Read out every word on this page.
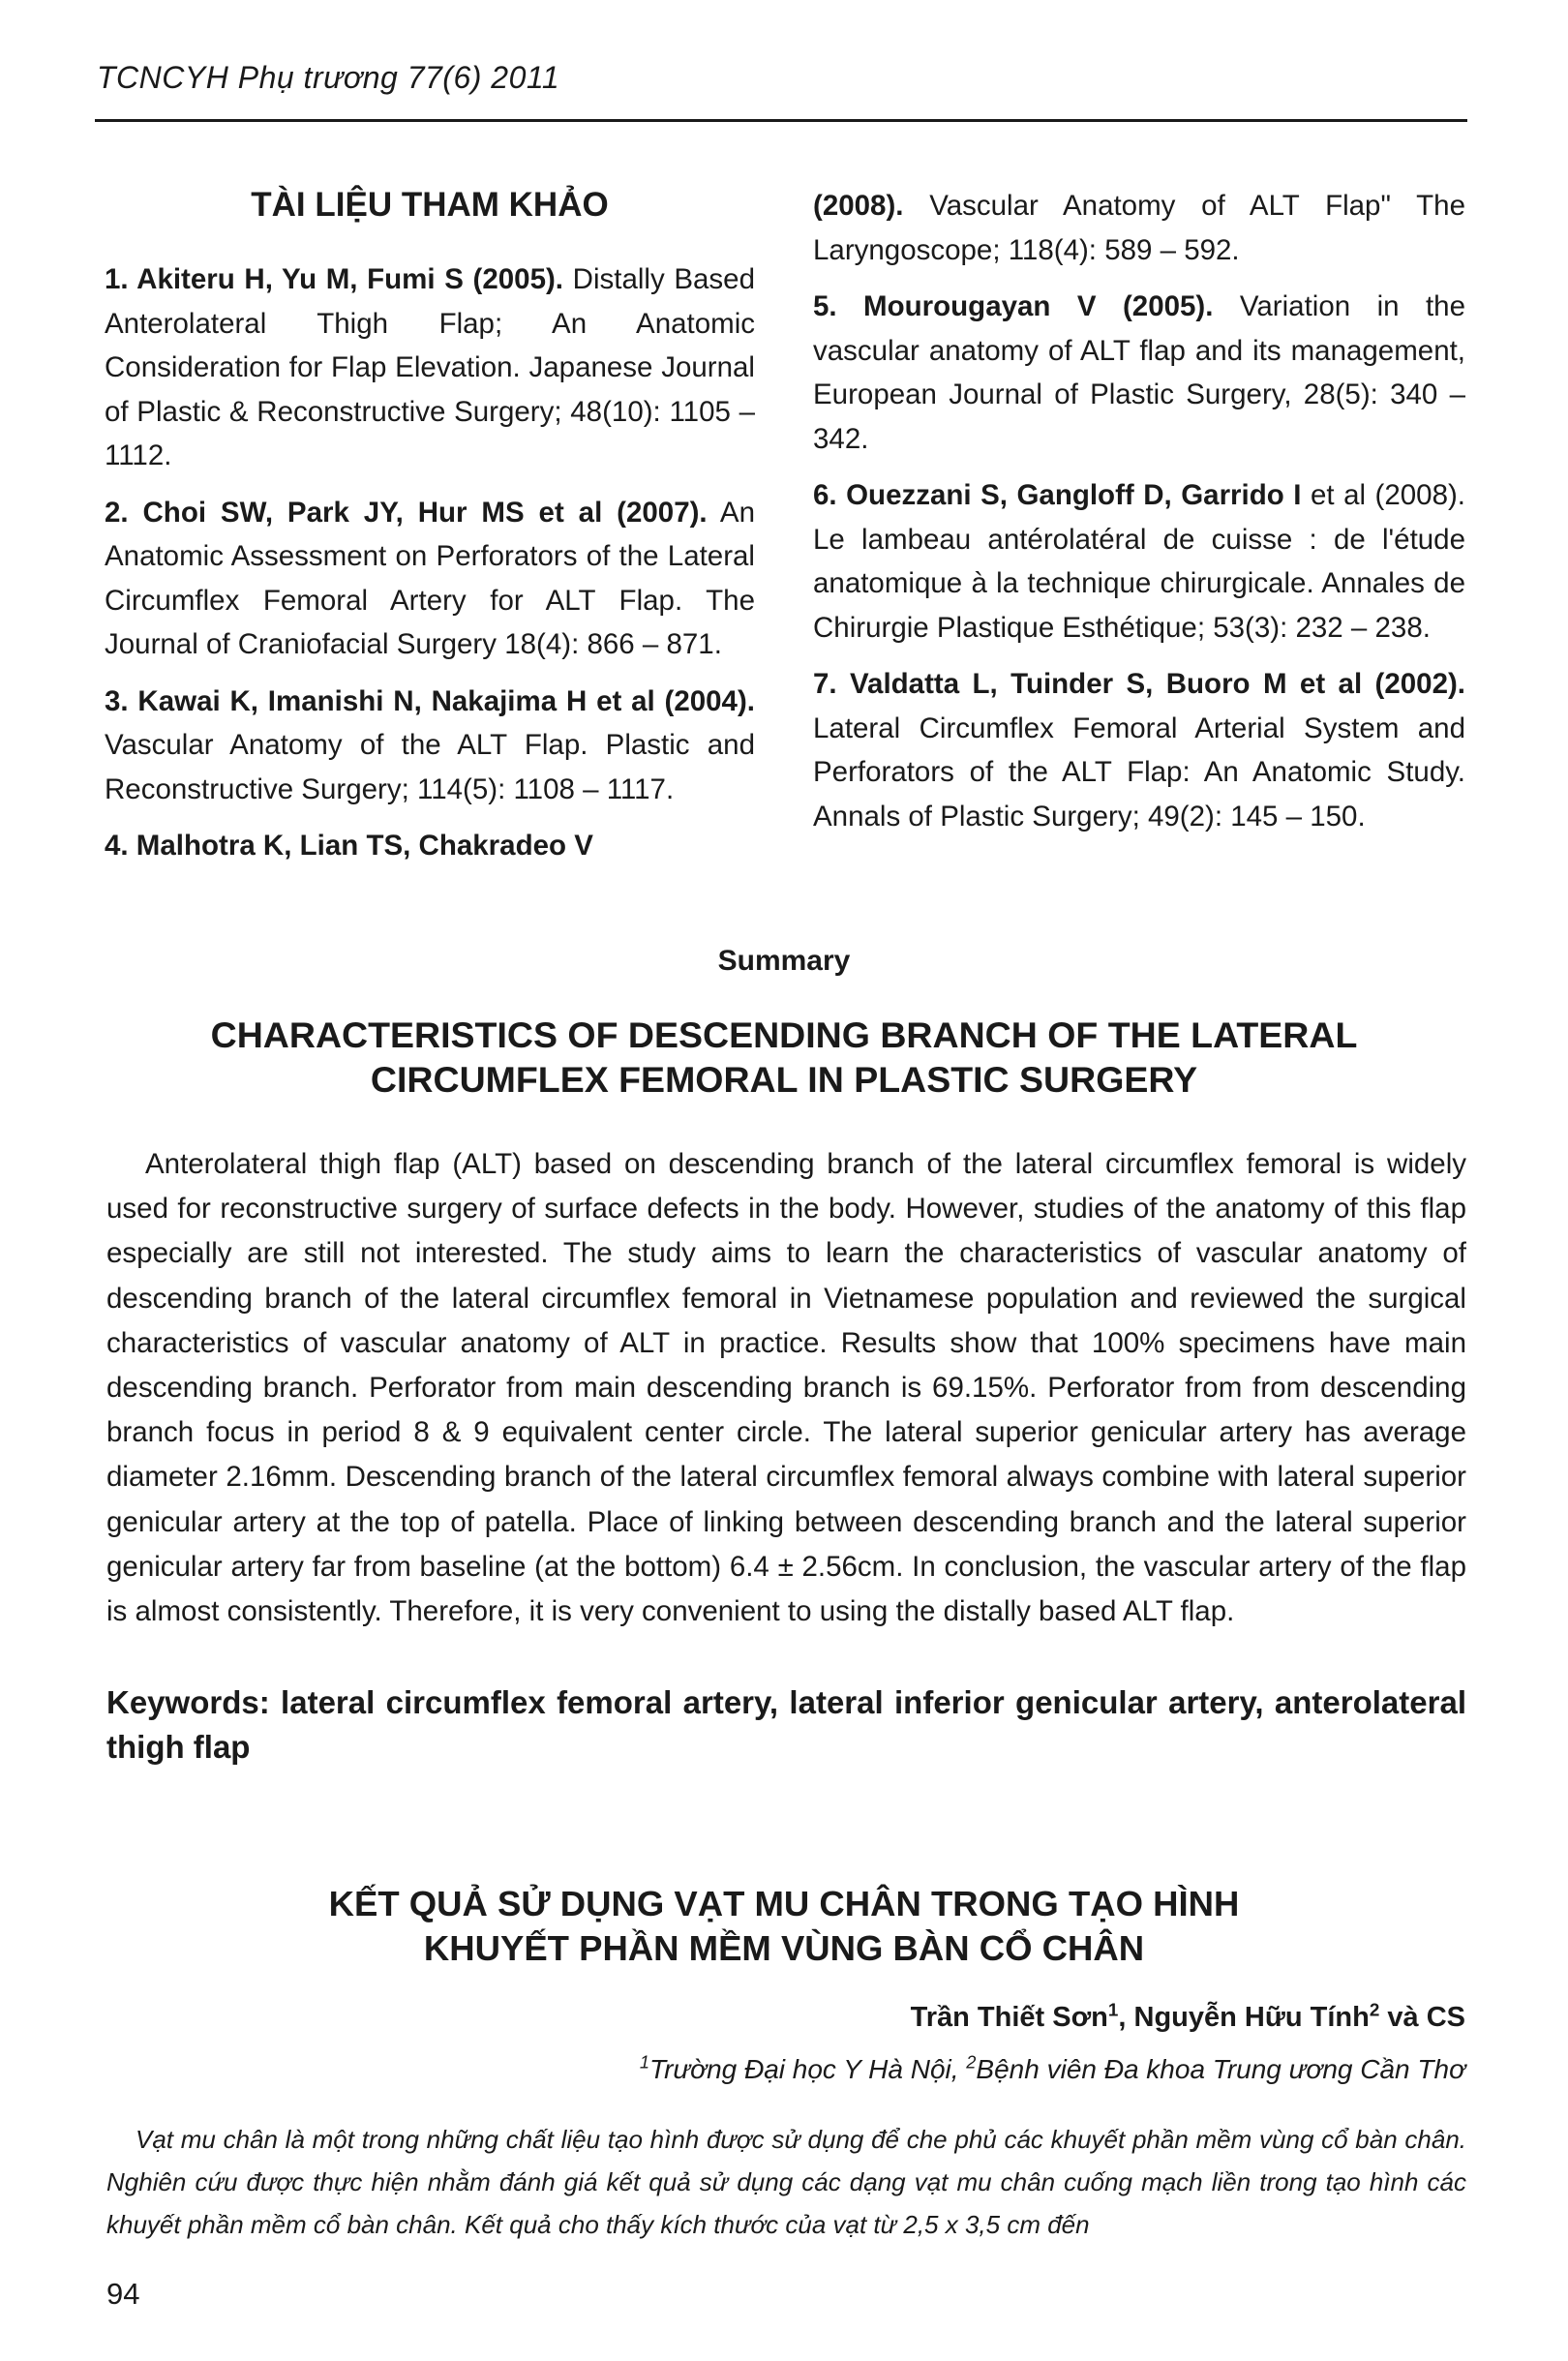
TCNCYH Phụ trương 77(6) 2011
TÀI LIỆU THAM KHẢO
1. Akiteru H, Yu M, Fumi S (2005). Distally Based Anterolateral Thigh Flap; An Anatomic Consideration for Flap Elevation. Japanese Journal of Plastic & Reconstructive Surgery; 48(10): 1105 – 1112.
2. Choi SW, Park JY, Hur MS et al (2007). An Anatomic Assessment on Perforators of the Lateral Circumflex Femoral Artery for ALT Flap. The Journal of Craniofacial Surgery 18(4): 866 – 871.
3. Kawai K, Imanishi N, Nakajima H et al (2004). Vascular Anatomy of the ALT Flap. Plastic and Reconstructive Surgery; 114(5): 1108 – 1117.
4. Malhotra K, Lian TS, Chakradeo V
(2008). Vascular Anatomy of ALT Flap" The Laryngoscope; 118(4): 589 – 592.
5. Mourougayan V (2005). Variation in the vascular anatomy of ALT flap and its management, European Journal of Plastic Surgery, 28(5): 340 – 342.
6. Ouezzani S, Gangloff D, Garrido I et al (2008). Le lambeau antérolatéral de cuisse : de l'étude anatomique à la technique chirurgicale. Annales de Chirurgie Plastique Esthétique; 53(3): 232 – 238.
7. Valdatta L, Tuinder S, Buoro M et al (2002). Lateral Circumflex Femoral Arterial System and Perforators of the ALT Flap: An Anatomic Study. Annals of Plastic Surgery; 49(2): 145 – 150.
Summary
CHARACTERISTICS OF DESCENDING BRANCH OF THE LATERAL CIRCUMFLEX FEMORAL IN PLASTIC SURGERY
Anterolateral thigh flap (ALT) based on descending branch of the lateral circumflex femoral is widely used for reconstructive surgery of surface defects in the body. However, studies of the anatomy of this flap especially are still not interested. The study aims to learn the characteristics of vascular anatomy of descending branch of the lateral circumflex femoral in Vietnamese population and reviewed the surgical characteristics of vascular anatomy of ALT in practice. Results show that 100% specimens have main descending branch. Perforator from main descending branch is 69.15%. Perforator from from descending branch focus in period 8 & 9 equivalent center circle. The lateral superior genicular artery has average diameter 2.16mm. Descending branch of the lateral circumflex femoral always combine with lateral superior genicular artery at the top of patella. Place of linking between descending branch and the lateral superior genicular artery far from baseline (at the bottom) 6.4 ± 2.56cm. In conclusion, the vascular artery of the flap is almost consistently. Therefore, it is very convenient to using the distally based ALT flap.
Keywords: lateral circumflex femoral artery, lateral inferior genicular artery, anterolateral thigh flap
KẾT QUẢ SỬ DỤNG VẠT MU CHÂN TRONG TẠO HÌNH
KHUYẾT PHẦN MỀM VÙNG BÀN CỔ CHÂN
Trần Thiết Sơn$^1$, Nguyễn Hữu Tính$^2$ và CS
$^1$Trường Đại học Y Hà Nội, $^2$Bệnh viên Đa khoa Trung ương Cần Thơ
Vạt mu chân là một trong những chất liệu tạo hình được sử dụng để che phủ các khuyết phần mềm vùng cổ bàn chân. Nghiên cứu được thực hiện nhằm đánh giá kết quả sử dụng các dạng vạt mu chân cuống mạch liền trong tạo hình các khuyết phần mềm cổ bàn chân. Kết quả cho thấy kích thước của vạt từ 2,5 x 3,5 cm đến
94
